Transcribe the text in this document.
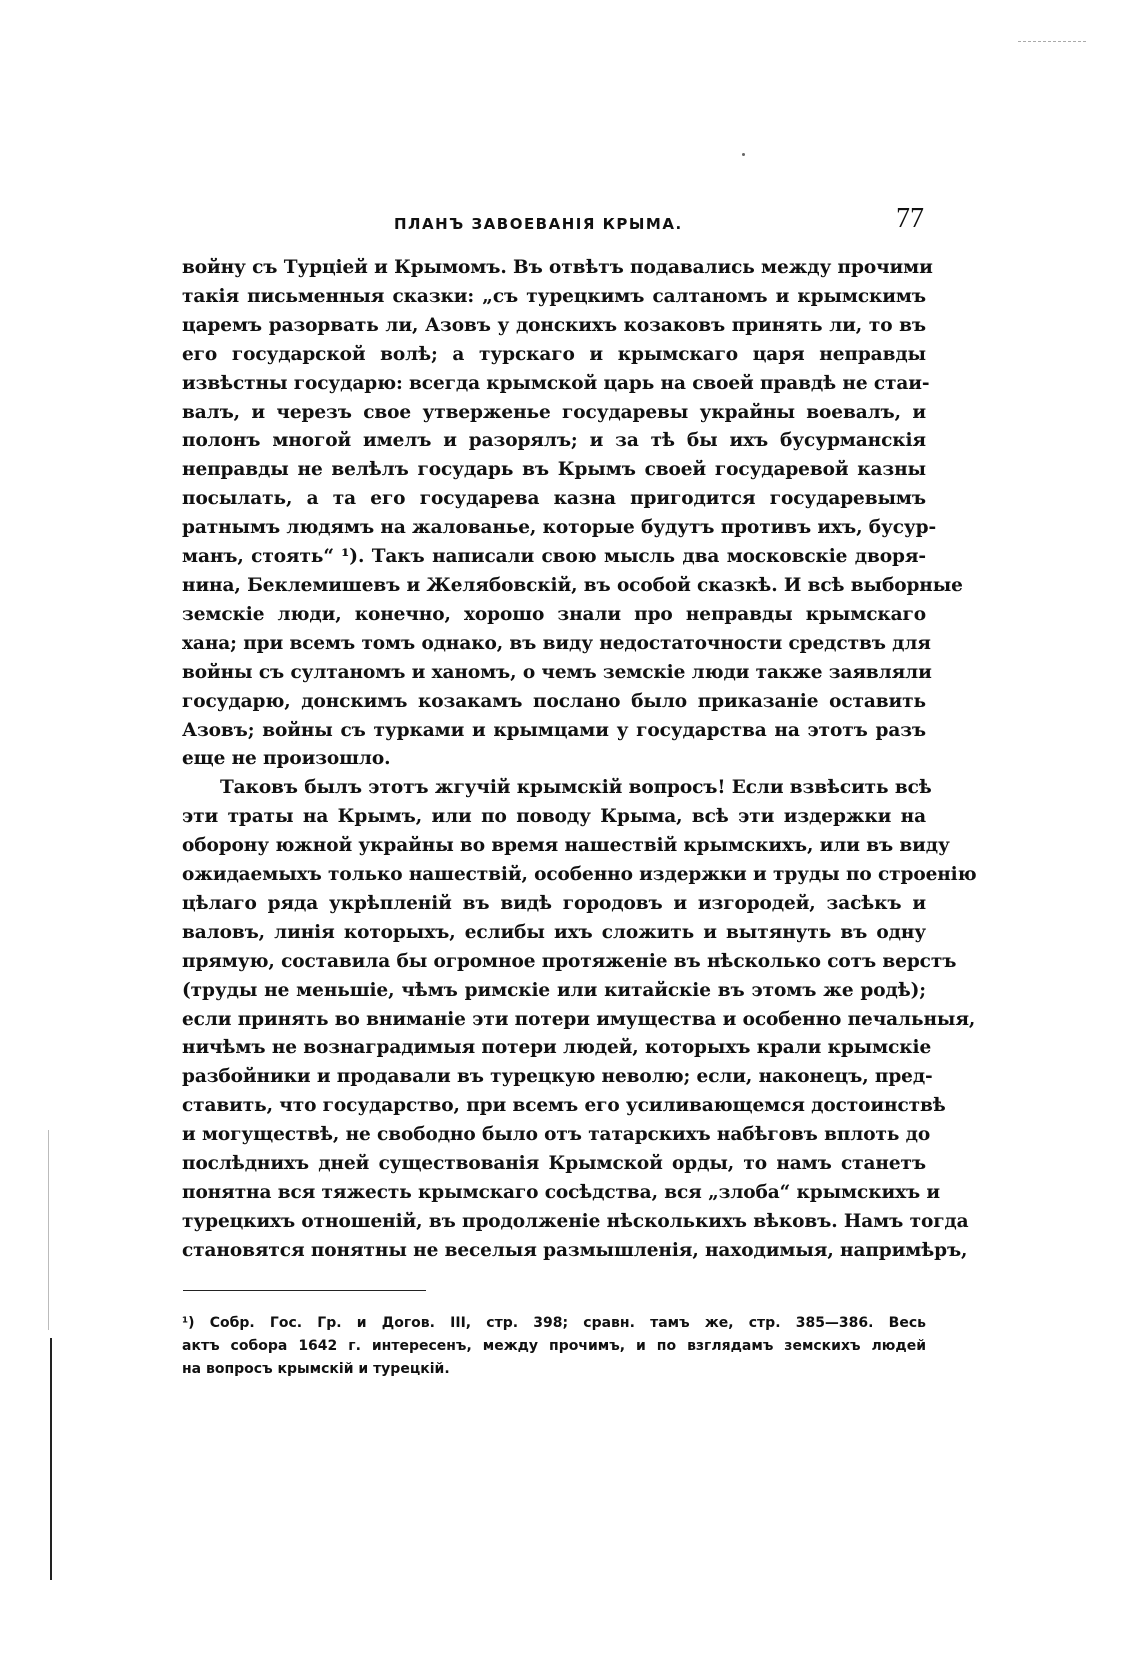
ПЛАНЪ ЗАВОЕВАНІЯ КРЫМА.	77
войну съ Турціей и Крымомъ. Въ отвѣтъ подавались между прочими
такія письменныя сказки: „съ турецкимъ салтаномъ и крымскимъ
царемъ разорвать ли, Азовъ у донскихъ козаковъ принять ли, то въ
его государской волѣ; а турскаго и крымскаго царя неправды
извѣстны государю: всегда крымской царь на своей правдѣ не стаи-
валъ, и черезъ свое утверженье государевы украйны воевалъ, и
полонъ многой имелъ и разорялъ; и за тѣ бы ихъ бусурманскія
неправды не велѣлъ государь въ Крымъ своей государевой казны
посылать, а та его государева казна пригодится государевымъ
ратнымъ людямъ на жалованье, которые будутъ противъ ихъ, бусур-
манъ, стоять“ ¹). Такъ написали свою мысль два московскіе дворя-
нина, Беклемишевъ и Желябовскій, въ особой сказкѣ. И всѣ выборные
земскіе люди, конечно, хорошо знали про неправды крымскаго
хана; при всемъ томъ однако, въ виду недостаточности средствъ для
войны съ султаномъ и ханомъ, о чемъ земскіе люди также заявляли
государю, донскимъ козакамъ послано было приказаніе оставить
Азовъ; войны съ турками и крымцами у государства на этотъ разъ
еще не произошло.
Таковъ былъ этотъ жгучій крымскій вопросъ! Если взвѣсить всѣ
эти траты на Крымъ, или по поводу Крыма, всѣ эти издержки на
оборону южной украйны во время нашествій крымскихъ, или въ виду
ожидаемыхъ только нашествій, особенно издержки и труды по строенію
цѣлаго ряда укрѣпленій въ видѣ городовъ и изгородей, засѣкъ и
валовъ, линія которыхъ, еслибы ихъ сложить и вытянуть въ одну
прямую, составила бы огромное протяженіе въ нѣсколько сотъ верстъ
(труды не меньшіе, чѣмъ римскіе или китайскіе въ этомъ же родѣ);
если принять во вниманіе эти потери имущества и особенно печальныя,
ничѣмъ не вознаградимыя потери людей, которыхъ крали крымскіе
разбойники и продавали въ турецкую неволю; если, наконецъ, пред-
ставить, что государство, при всемъ его усиливающемся достоинствѣ
и могуществѣ, не свободно было отъ татарскихъ набѣговъ вплоть до
послѣднихъ дней существованія Крымской орды, то намъ станетъ
понятна вся тяжесть крымскаго сосѣдства, вся „злоба“ крымскихъ и
турецкихъ отношеній, въ продолженіе нѣсколькихъ вѣковъ. Намъ тогда
становятся понятны не веселыя размышленія, находимыя, напримѣръ,
¹) Собр. Гос. Гр. и Догов. III, стр. 398; сравн. тамъ же, стр. 385—386. Весь
актъ собора 1642 г. интересенъ, между прочимъ, и по взглядамъ земскихъ людей
на вопросъ крымскій и турецкій.
